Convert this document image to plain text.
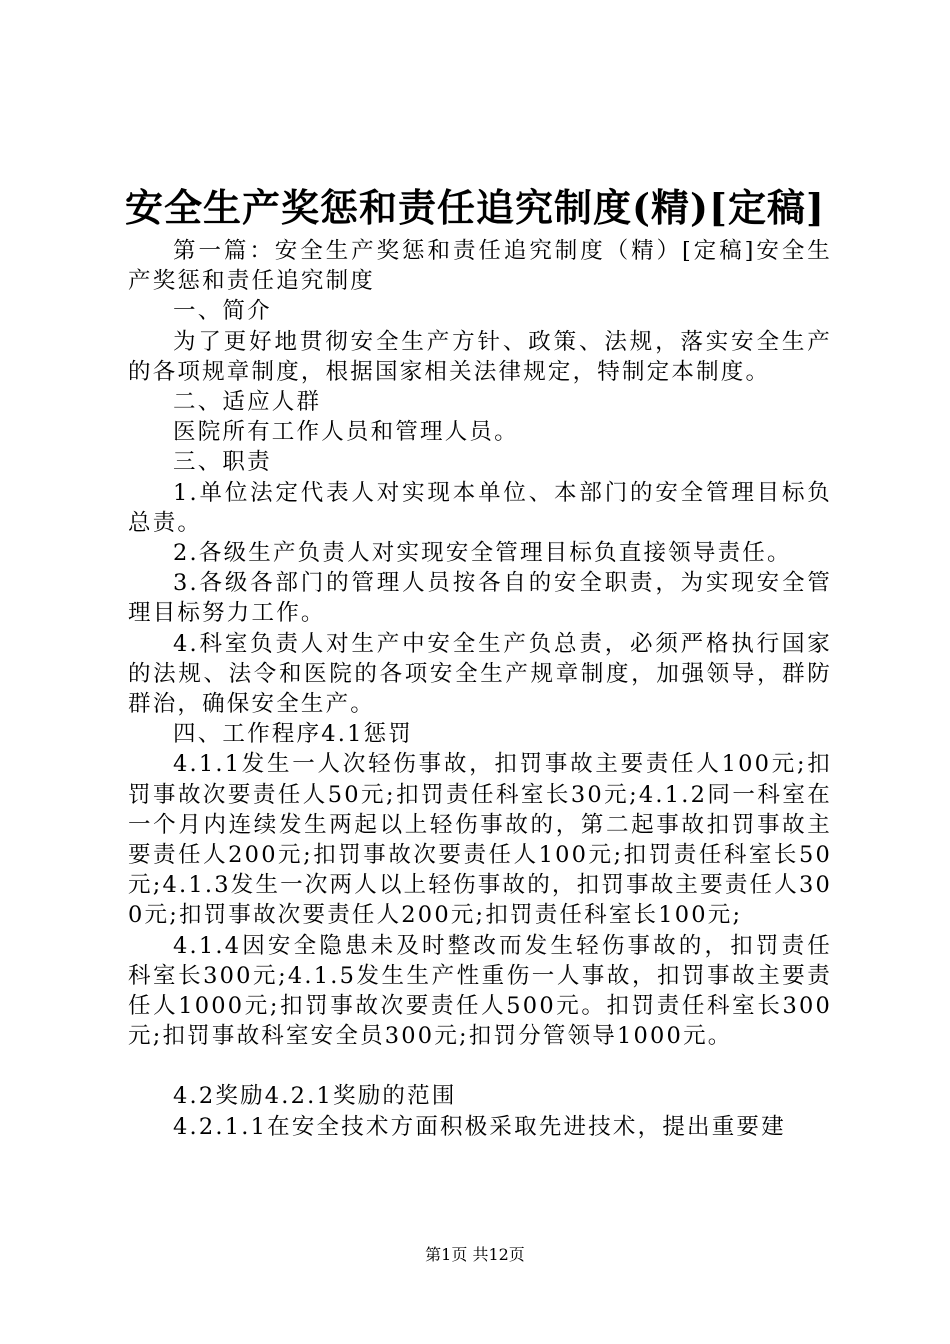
安全生产奖惩和责任追究制度(精)[定稿]

第一篇：安全生产奖惩和责任追究制度（精）[定稿]安全生产奖惩和责任追究制度

一、简介

为了更好地贯彻安全生产方针、政策、法规，落实安全生产的各项规章制度，根据国家相关法律规定，特制定本制度。

二、适应人群

医院所有工作人员和管理人员。

三、职责

1.单位法定代表人对实现本单位、本部门的安全管理目标负总责。

2.各级生产负责人对实现安全管理目标负直接领导责任。

3.各级各部门的管理人员按各自的安全职责，为实现安全管理目标努力工作。

4.科室负责人对生产中安全生产负总责，必须严格执行国家的法规、法令和医院的各项安全生产规章制度，加强领导，群防群治，确保安全生产。

四、工作程序4.1惩罚

4.1.1发生一人次轻伤事故，扣罚事故主要责任人100元;扣罚事故次要责任人50元;扣罚责任科室长30元;4.1.2同一科室在一个月内连续发生两起以上轻伤事故的，第二起事故扣罚事故主要责任人200元;扣罚事故次要责任人100元;扣罚责任科室长50元;4.1.3发生一次两人以上轻伤事故的，扣罚事故主要责任人300元;扣罚事故次要责任人200元;扣罚责任科室长100元;

4.1.4因安全隐患未及时整改而发生轻伤事故的，扣罚责任科室长300元;4.1.5发生生产性重伤一人事故，扣罚事故主要责任人1000元;扣罚事故次要责任人500元。扣罚责任科室长300元;扣罚事故科室安全员300元;扣罚分管领导1000元。

4.2奖励4.2.1奖励的范围

4.2.1.1在安全技术方面积极采取先进技术，提出重要建

第1页 共12页
